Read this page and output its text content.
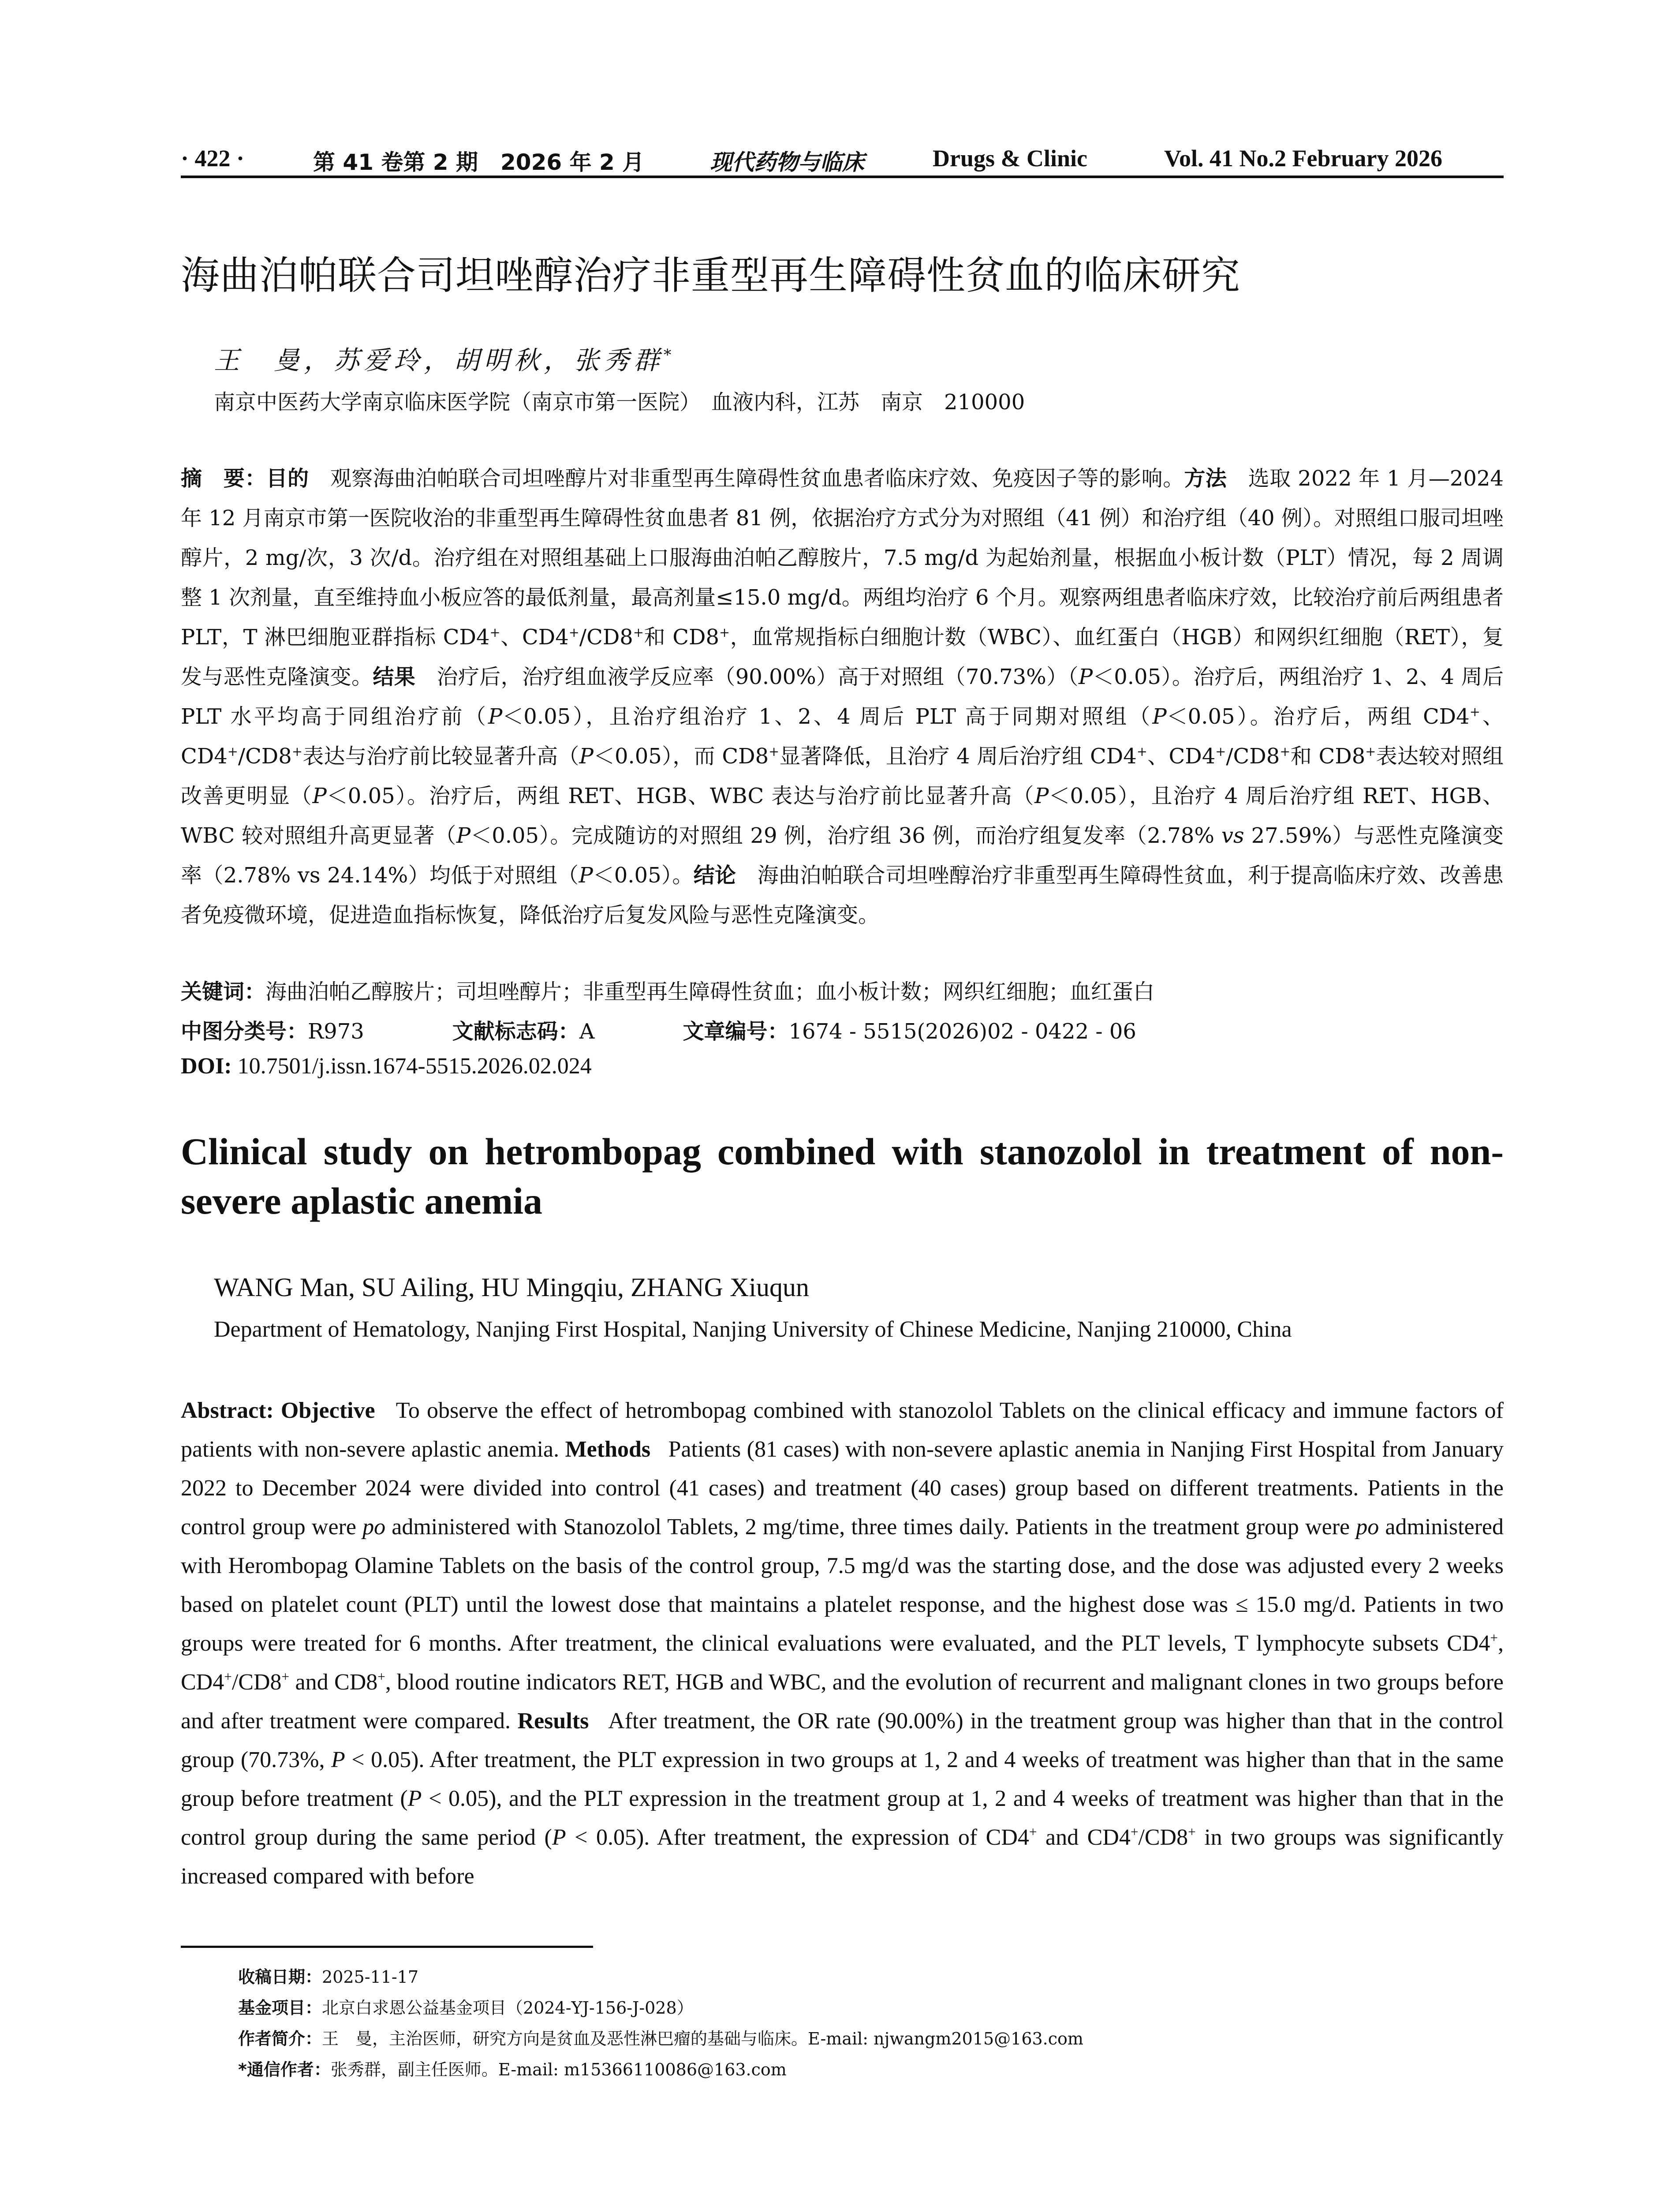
· 422 ·	第 41 卷第 2 期 2026 年 2 月	现代药物与临床	Drugs & Clinic	Vol. 41 No.2 February 2026
海曲泊帕联合司坦唑醇治疗非重型再生障碍性贫血的临床研究
王　曼，苏爱玲，胡明秋，张秀群*
南京中医药大学南京临床医学院（南京市第一医院）　血液内科，江苏　南京　210000
摘　要：目的　 观察海曲泊帕联合司坦唑醇片对非重型再生障碍性贫血患者临床疗效、免疫因子等的影响。方法　 选取 2022 年 1 月—2024 年 12 月南京市第一医院收治的非重型再生障碍性贫血患者 81 例，依据治疗方式分为对照组（41 例）和治疗组（40 例）。对照组口服司坦唑醇片，2 mg/次，3 次/d。治疗组在对照组基础上口服海曲泊帕乙醇胺片，7.5 mg/d 为起始剂量，根据血小板计数（PLT）情况，每 2 周调整 1 次剂量，直至维持血小板应答的最低剂量，最高剂量≤15.0 mg/d。两组均治疗 6 个月。观察两组患者临床疗效，比较治疗前后两组患者 PLT，T 淋巴细胞亚群指标 CD4+、CD4+/CD8+和 CD8+，血常规指标白细胞计数（WBC）、血红蛋白（HGB）和网织红细胞（RET），复发与恶性克隆演变。结果　 治疗后，治疗组血液学反应率（90.00%）高于对照组（70.73%）（P＜0.05）。治疗后，两组治疗 1、2、4 周后 PLT 水平均高于同组治疗前（P＜0.05），且治疗组治疗 1、2、4 周后 PLT 高于同期对照组（P＜0.05）。治疗后，两组 CD4+、CD4+/CD8+表达与治疗前比较显著升高（P＜0.05），而 CD8+显著降低，且治疗 4 周后治疗组 CD4+、CD4+/CD8+和 CD8+表达较对照组改善更明显（P＜0.05）。治疗后，两组 RET、HGB、WBC 表达与治疗前比显著升高（P＜0.05），且治疗 4 周后治疗组 RET、HGB、WBC 较对照组升高更显著（P＜0.05）。完成随访的对照组 29 例，治疗组 36 例，而治疗组复发率（2.78% vs 27.59%）与恶性克隆演变率（2.78% vs 24.14%）均低于对照组（P＜0.05）。结论　 海曲泊帕联合司坦唑醇治疗非重型再生障碍性贫血，利于提高临床疗效、改善患者免疫微环境，促进造血指标恢复，降低治疗后复发风险与恶性克隆演变。
关键词：海曲泊帕乙醇胺片；司坦唑醇片；非重型再生障碍性贫血；血小板计数；网织红细胞；血红蛋白
中图分类号：R973	文献标志码：A	文章编号：1674 - 5515(2026)02 - 0422 - 06
DOI: 10.7501/j.issn.1674-5515.2026.02.024
Clinical study on hetrombopag combined with stanozolol in treatment of non-severe aplastic anemia
WANG Man, SU Ailing, HU Mingqiu, ZHANG Xiuqun
Department of Hematology, Nanjing First Hospital, Nanjing University of Chinese Medicine, Nanjing 210000, China
Abstract: Objective To observe the effect of hetrombopag combined with stanozolol Tablets on the clinical efficacy and immune factors of patients with non-severe aplastic anemia. Methods Patients (81 cases) with non-severe aplastic anemia in Nanjing First Hospital from January 2022 to December 2024 were divided into control (41 cases) and treatment (40 cases) group based on different treatments. Patients in the control group were po administered with Stanozolol Tablets, 2 mg/time, three times daily. Patients in the treatment group were po administered with Herombopag Olamine Tablets on the basis of the control group, 7.5 mg/d was the starting dose, and the dose was adjusted every 2 weeks based on platelet count (PLT) until the lowest dose that maintains a platelet response, and the highest dose was ≤ 15.0 mg/d. Patients in two groups were treated for 6 months. After treatment, the clinical evaluations were evaluated, and the PLT levels, T lymphocyte subsets CD4+, CD4+/CD8+ and CD8+, blood routine indicators RET, HGB and WBC, and the evolution of recurrent and malignant clones in two groups before and after treatment were compared. Results After treatment, the OR rate (90.00%) in the treatment group was higher than that in the control group (70.73%, P < 0.05). After treatment, the PLT expression in two groups at 1, 2 and 4 weeks of treatment was higher than that in the same group before treatment (P < 0.05), and the PLT expression in the treatment group at 1, 2 and 4 weeks of treatment was higher than that in the control group during the same period (P < 0.05). After treatment, the expression of CD4+ and CD4+/CD8+ in two groups was significantly increased compared with before
收稿日期：2025-11-17
基金项目：北京白求恩公益基金项目（2024-YJ-156-J-028）
作者简介：王　曼，主治医师，研究方向是贫血及恶性淋巴瘤的基础与临床。E-mail: njwangm2015@163.com
*通信作者：张秀群，副主任医师。E-mail: m15366110086@163.com
